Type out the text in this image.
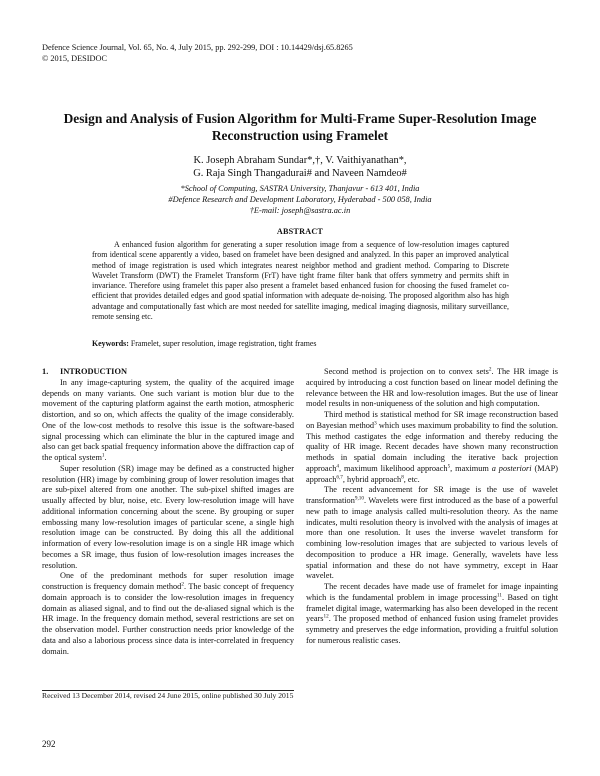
Defence Science Journal, Vol. 65, No. 4, July 2015, pp. 292-299, DOI : 10.14429/dsj.65.8265
© 2015, DESIDOC
Design and Analysis of Fusion Algorithm for Multi-Frame Super-Resolution Image Reconstruction using Framelet
K. Joseph Abraham Sundar*,†, V. Vaithiyanathan*,
G. Raja Singh Thangadurai# and Naveen Namdeo#
*School of Computing, SASTRA University, Thanjavur - 613 401, India
#Defence Research and Development Laboratory, Hyderabad - 500 058, India
†E-mail: joseph@sastra.ac.in
ABSTRACT
A enhanced fusion algorithm for generating a super resolution image from a sequence of low-resolution images captured from identical scene apparently a video, based on framelet have been designed and analyzed. In this paper an improved analytical method of image registration is used which integrates nearest neighbor method and gradient method. Comparing to Discrete Wavelet Transform (DWT) the Framelet Transform (FrT) have tight frame filter bank that offers symmetry and permits shift in invariance. Therefore using framelet this paper also present a framelet based enhanced fusion for choosing the fused framelet co-efficient that provides detailed edges and good spatial information with adequate de-noising. The proposed algorithm also has high advantage and computationally fast which are most needed for satellite imaging, medical imaging diagnosis, military surveillance, remote sensing etc.
Keywords: Framelet, super resolution, image registration, tight frames
1. INTRODUCTION

In any image-capturing system, the quality of the acquired image depends on many variants. One such variant is motion blur due to the movement of the capturing platform against the earth motion, atmospheric distortion, and so on, which affects the quality of the image considerably. One of the low-cost methods to resolve this issue is the software-based signal processing which can eliminate the blur in the captured image and also can get back spatial frequency information above the diffraction cap of the optical system$^1$.

Super resolution (SR) image may be defined as a constructed higher resolution (HR) image by combining group of lower resolution images that are sub-pixel altered from one another. The sub-pixel shifted images are usually affected by blur, noise, etc. Every low-resolution image will have additional information concerning about the scene. By grouping or super embossing many low-resolution images of particular scene, a single high resolution image can be constructed. By doing this all the additional information of every low-resolution image is on a single HR image which becomes a SR image, thus fusion of low-resolution images increases the resolution.

One of the predominant methods for super resolution image construction is frequency domain method$^2$. The basic concept of frequency domain approach is to consider the low-resolution images in frequency domain as aliased signal, and to find out the de-aliased signal which is the HR image. In the frequency domain method, several restrictions are set on the observation model. Further construction needs prior knowledge of the data and also a laborious process since data is inter-correlated in frequency domain.

Second method is projection on to convex sets$^2$. The HR image is acquired by introducing a cost function based on linear model defining the relevance between the HR and low-resolution images. But the use of linear model results in non-uniqueness of the solution and high computation.

Third method is statistical method for SR image reconstruction based on Bayesian method$^3$ which uses maximum probability to find the solution. This method castigates the edge information and thereby reducing the quality of HR image. Recent decades have shown many reconstruction methods in spatial domain including the iterative back projection approach$^4$, maximum likelihood approach$^5$, maximum a posteriori (MAP) approach$^{6,7}$, hybrid approach$^8$, etc.

The recent advancement for SR image is the use of wavelet transformation$^{9,10}$. Wavelets were first introduced as the base of a powerful new path to image analysis called multi-resolution theory. As the name indicates, multi resolution theory is involved with the analysis of images at more than one resolution. It uses the inverse wavelet transform for combining low-resolution images that are subjected to various levels of decomposition to produce a HR image. Generally, wavelets have less spatial information and these do not have symmetry, except in Haar wavelet.

The recent decades have made use of framelet for image inpainting which is the fundamental problem in image processing$^{11}$. Based on tight framelet digital image, watermarking has also been developed in the recent years$^{12}$. The proposed method of enhanced fusion using framelet provides symmetry and preserves the edge information, providing a fruitful solution for numerous realistic cases.

Received 13 December 2014, revised 24 June 2015, online published 30 July 2015
292
